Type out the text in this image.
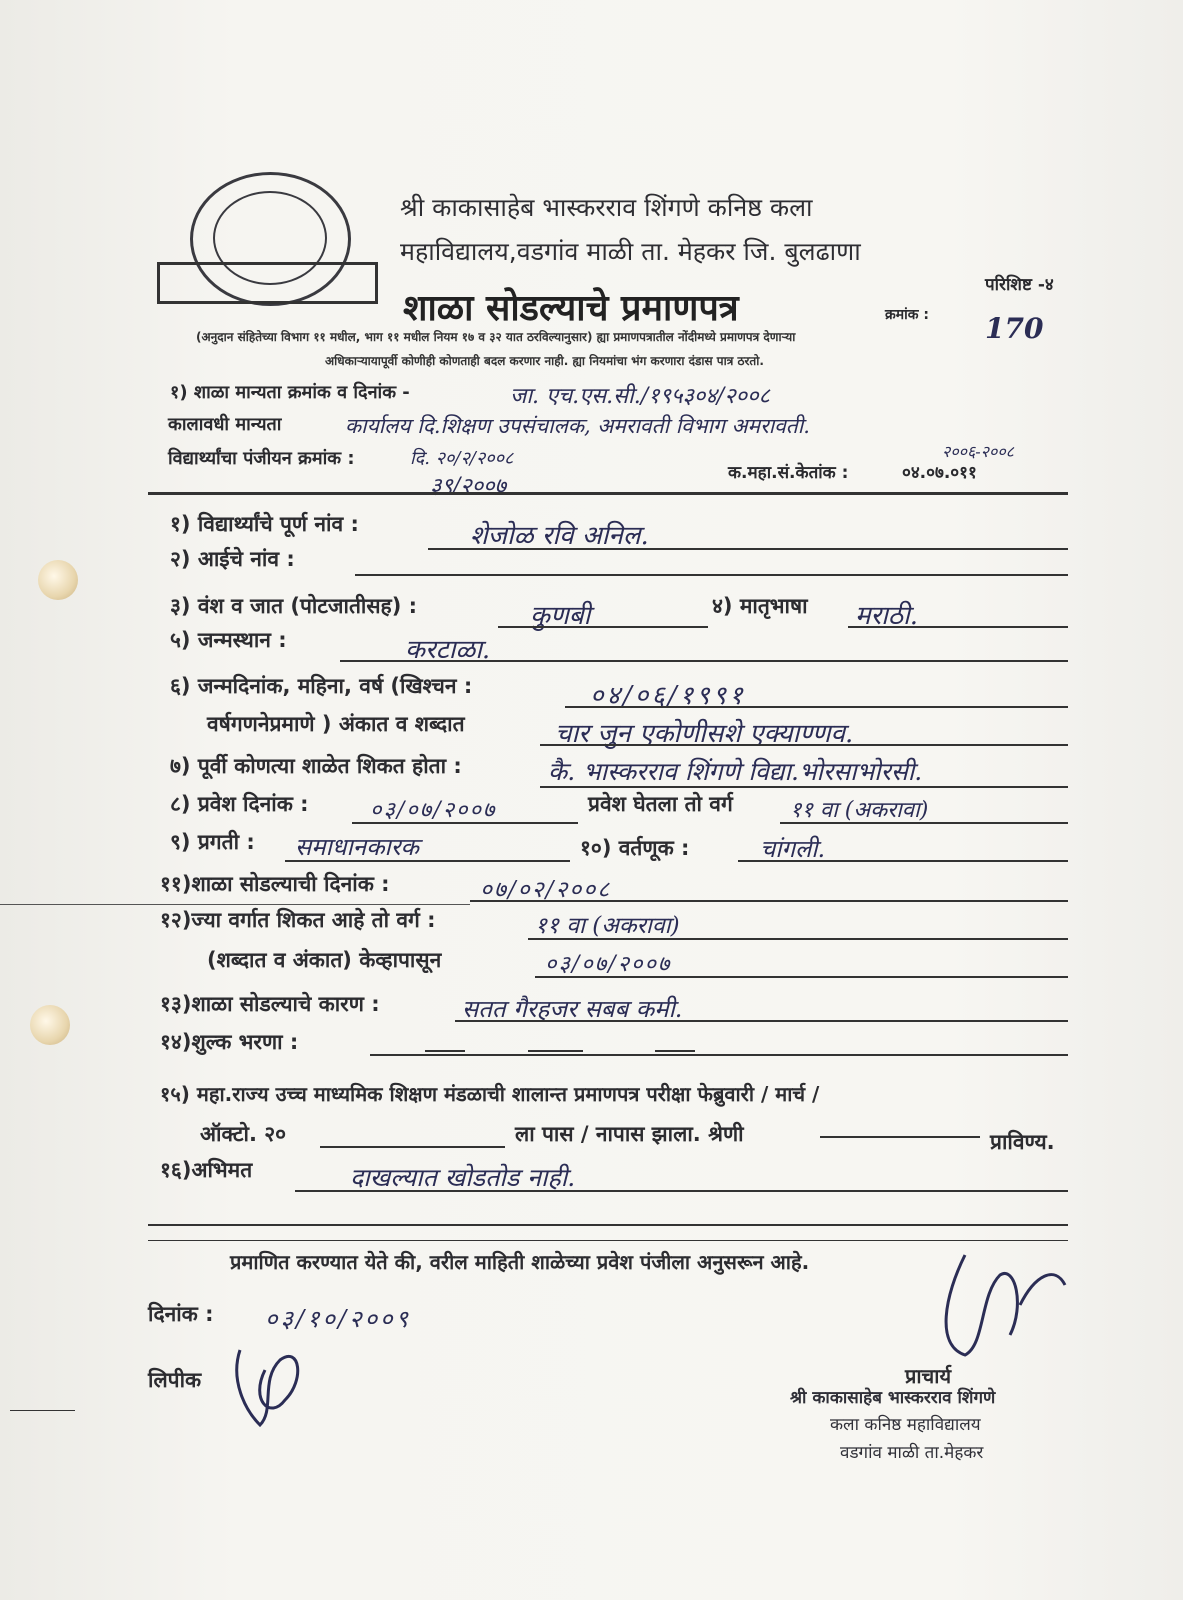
श्री काकासाहेब भास्करराव शिंगणे कनिष्ठ कला
महाविद्यालय,वडगांव माळी ता. मेहकर जि. बुलढाणा
परिशिष्ट -४
शाळा सोडल्याचे प्रमाणपत्र	क्रमांक : 170
(अनुदान संहितेच्या विभाग ११ मधील, भाग ११ मधील नियम १७ व ३२ यात ठरविल्यानुसार) ह्या प्रमाणपत्रातील नोंदीमध्ये प्रमाणपत्र देणाऱ्या
अधिकाऱ्यायापूर्वी कोणीही कोणताही बदल करणार नाही. ह्या नियमांचा भंग करणारा दंडास पात्र ठरतो.
१) शाळा मान्यता क्रमांक व दिनांक -	जा. एच.एस.सी./१९५३०४/२००८
कालावधी मान्यता	कार्यालय दि.शिक्षण उपसंचालक, अमरावती विभाग अमरावती.
२००६-२००८
विद्यार्थ्यांचा पंजीयन क्रमांक :	दि. २०/२/२००८
३९/२००७
क.महा.सं.केतांक :	०४.०७.०११
१) विद्यार्थ्यांचे पूर्ण नांव :	शेजोळ रवि अनिल.
२) आईचे नांव :
३) वंश व जात (पोटजातीसह) :	कुणबी	४) मातृभाषा मराठी.
५) जन्मस्थान :	करटाळा.
६) जन्मदिनांक, महिना, वर्ष (खिश्चन :	०४/०६/१९९१
वर्षगणनेप्रमाणे ) अंकात व शब्दात	चार जुन एकोणीसशे एक्याण्णव.
७) पूर्वी कोणत्या शाळेत शिकत होता :	कै. भास्करराव शिंगणे विद्या.भोरसाभोरसी.
८) प्रवेश दिनांक :	०३/०७/२००७	प्रवेश घेतला तो वर्ग	११ वा (अकरावा)
९) प्रगती : समाधानकारक	१०) वर्तणूक :	चांगली.
११)शाळा सोडल्याची दिनांक :	०७/०२/२००८
१२)ज्या वर्गात शिकत आहे तो वर्ग :	११ वा (अकरावा)
(शब्दात व अंकात) केव्हापासून	०३/०७/२००७
१३)शाळा सोडल्याचे कारण :	सतत गैरहजर सबब कमी.
१४)शुल्क भरणा :
१५) महा.राज्य उच्च माध्यमिक शिक्षण मंडळाची शालान्त प्रमाणपत्र परीक्षा फेब्रुवारी / मार्च /
ऑक्टो. २०	ला पास / नापास झाला. श्रेणी	प्राविण्य.
१६)अभिमत	दाखल्यात खोडतोड नाही.
प्रमाणित करण्यात येते की, वरील माहिती शाळेच्या प्रवेश पंजीला अनुसरून आहे.
दिनांक : ०३/१०/२००९
लिपीक	प्राचार्य
श्री काकासाहेब भास्करराव शिंगणे
कला कनिष्ठ महाविद्यालय
वडगांव माळी ता.मेहकर
